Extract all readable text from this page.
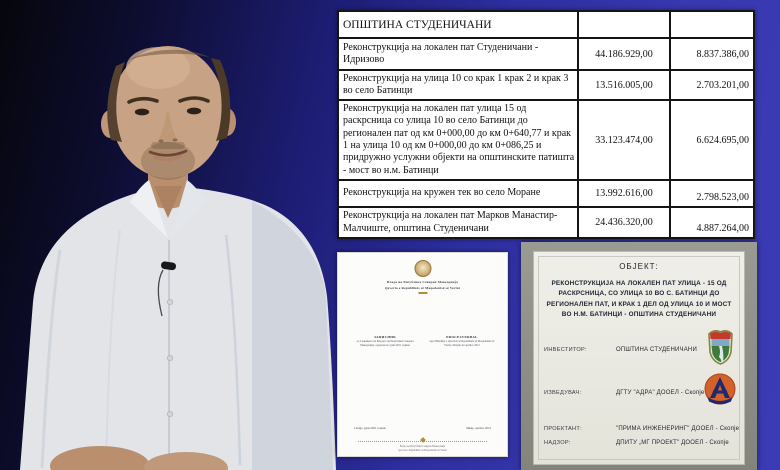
ОПШТИНА СТУДЕНИЧАНИ		
Реконструкција на локален пат Студеничани - Идризово	44.186.929,00	8.837.386,00
Реконструкција на улица 10 со крак 1 крак 2 и крак 3 во село Батинци	13.516.005,00	2.703.201,00
Реконструкција на локален пат улица 15 од раскрсница со улица 10 во село Батинци до регионален пат од км 0+000,00 до км 0+640,77 и крак 1 на улица 10 од км 0+000,00 до км 0+086,25 и придружно услужни објекти на општинските патишта - мост во н.м. Батинци	33.123.474,00	6.624.695,00
Реконструкција на кружен тек во село Моране	13.992.616,00	2.798.523,00
Реконструкција на локален пат Марков Манастир-Малчиште, општина Студеничани	24.436.320,00	4.887.264,00
Влада на Република Северна Македонија
Qeveria e Republikës së Maqedonisë së Veriut
ЗАПИСНИК
од Седницата на Владата на Република Северна Македонија, одржана во јуни 2021 година
PROCESVERBAL
nga Mbledhja e Qeverisë së Republikës së Maqedonisë së Veriut, mbajtur në qershor 2021
Скопје, јуни 2021 година	Shkup, qershor 2021
Влада на Република Северна Македонија
Qeveria e Republikës së Maqedonisë së Veriut
ОБЈЕКТ:
РЕКОНСТРУКЦИЈА НА ЛОКАЛЕН ПАТ УЛИЦА - 15 ОД РАСКРСНИЦА, СО УЛИЦА 10 ВО С. БАТИНЦИ ДО РЕГИОНАЛЕН ПАТ, И КРАК 1 ДЕЛ ОД УЛИЦА 10 И МОСТ ВО Н.М. БАТИНЦИ - ОПШТИНА СТУДЕНИЧАНИ
ИНВЕСТИТОР:	ОПШТИНА СТУДЕНИЧАНИ
ИЗВЕДУВАЧ:	ДГТУ "АДРА" ДООЕЛ - Скопје
ПРОЕКТАНТ:	"ПРИМА ИНЖЕНЕРИНГ" ДООЕЛ - Скопје
НАДЗОР:	ДПИТУ „МГ ПРОЕКТ" ДООЕЛ - Скопје
